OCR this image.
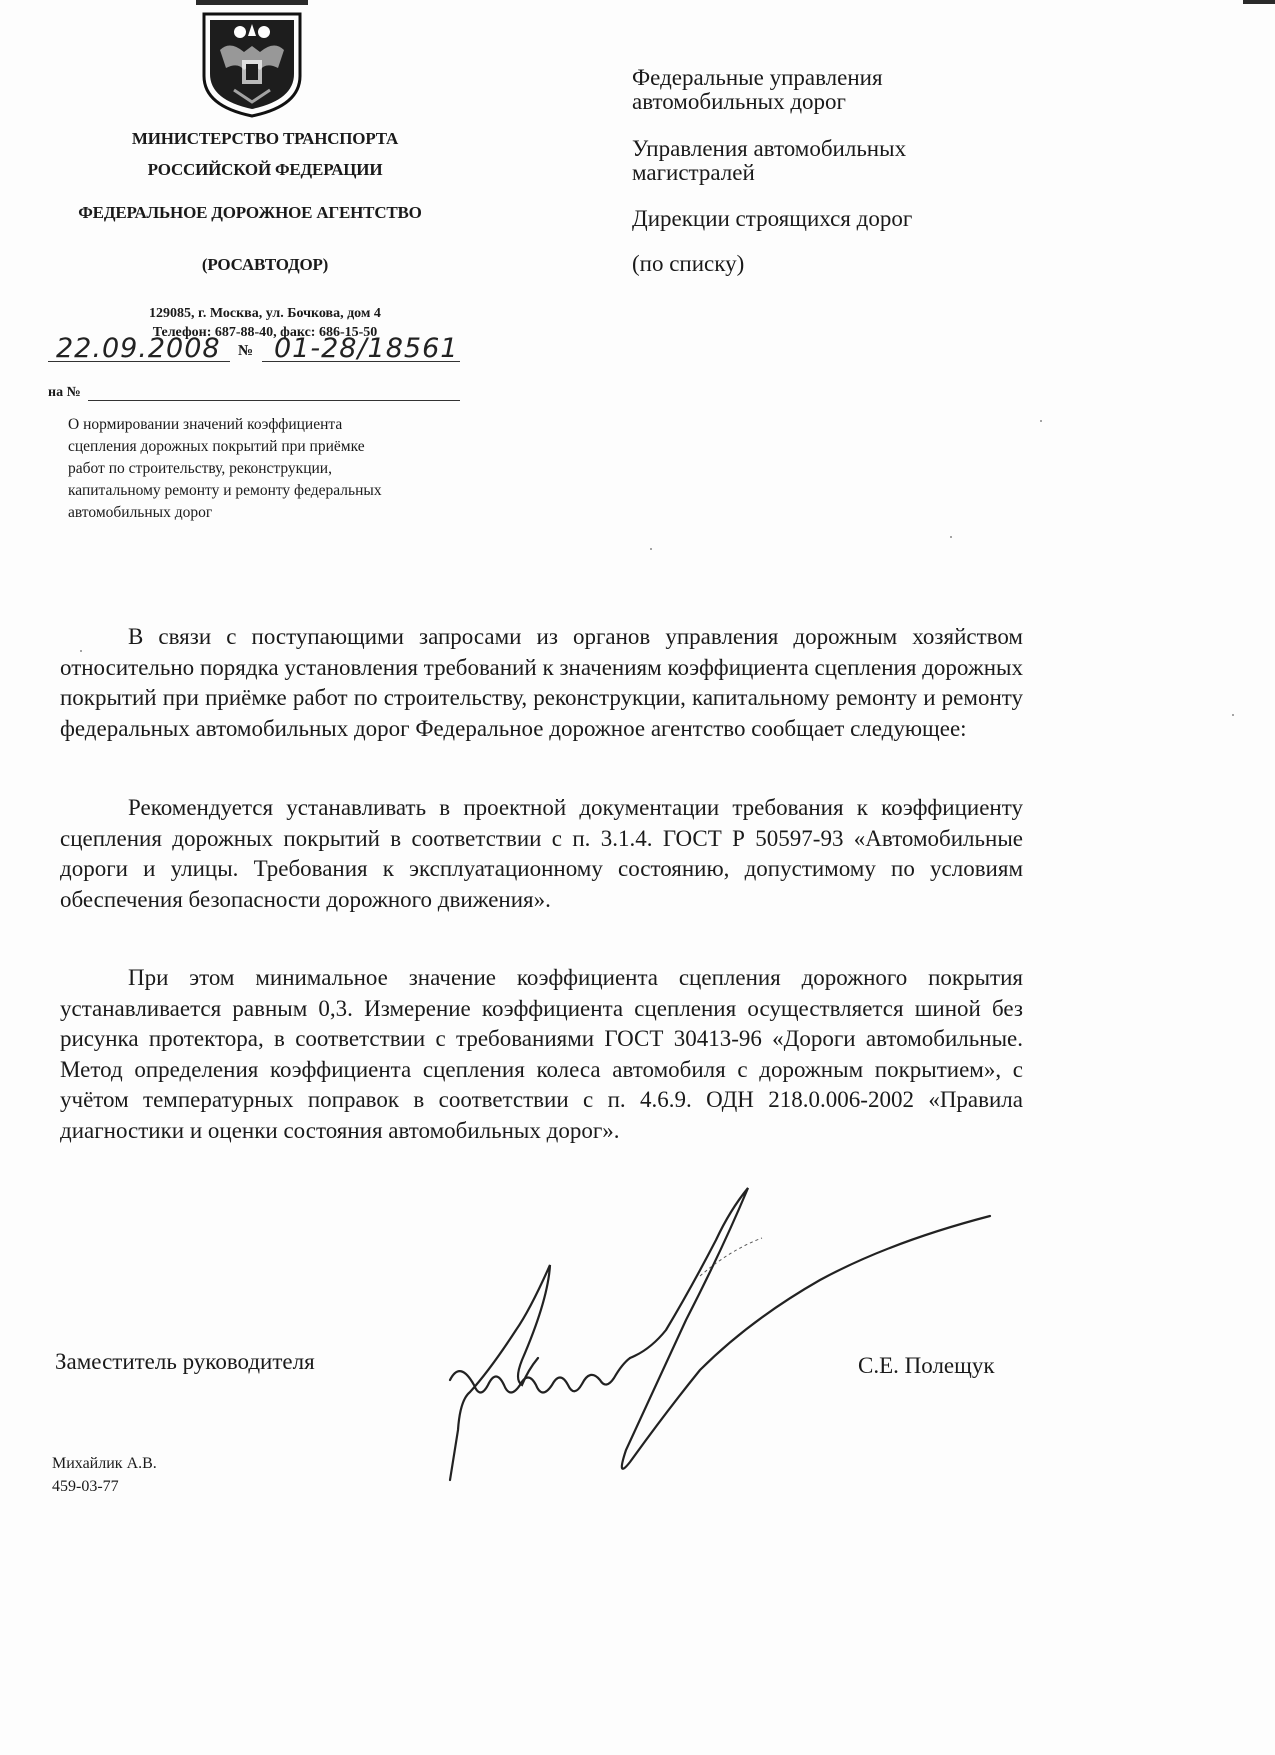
МИНИСТЕРСТВО ТРАНСПОРТА
РОССИЙСКОЙ ФЕДЕРАЦИИ
ФЕДЕРАЛЬНОЕ ДОРОЖНОЕ АГЕНТСТВО
(РОСАВТОДОР)
129085, г. Москва, ул. Бочкова, дом 4
Телефон: 687-88-40, факс: 686-15-50
22.09.2008 № 01-28/18561
на №
О нормировании значений коэффициента
сцепления дорожных покрытий при приёмке
работ по строительству, реконструкции,
капитальному ремонту и ремонту федеральных
автомобильных дорог
Федеральные управления
автомобильных дорог
Управления автомобильных
магистралей
Дирекции строящихся дорог
(по списку)

В связи с поступающими запросами из органов управления дорожным хозяйством относительно порядка установления требований к значениям коэффициента сцепления дорожных покрытий при приёмке работ по строительству, реконструкции, капитальному ремонту и ремонту федеральных автомобильных дорог Федеральное дорожное агентство сообщает следующее:

Рекомендуется устанавливать в проектной документации требования к коэффициенту сцепления дорожных покрытий в соответствии с п. 3.1.4. ГОСТ Р 50597-93 «Автомобильные дороги и улицы. Требования к эксплуатационному состоянию, допустимому по условиям обеспечения безопасности дорожного движения».

При этом минимальное значение коэффициента сцепления дорожного покрытия устанавливается равным 0,3. Измерение коэффициента сцепления осуществляется шиной без рисунка протектора, в соответствии с требованиями ГОСТ 30413-96 «Дороги автомобильные. Метод определения коэффициента сцепления колеса автомобиля с дорожным покрытием», с учётом температурных поправок в соответствии с п. 4.6.9. ОДН 218.0.006-2002 «Правила диагностики и оценки состояния автомобильных дорог».

Заместитель руководителя	С.Е. Полещук
Михайлик А.В.
459-03-77
